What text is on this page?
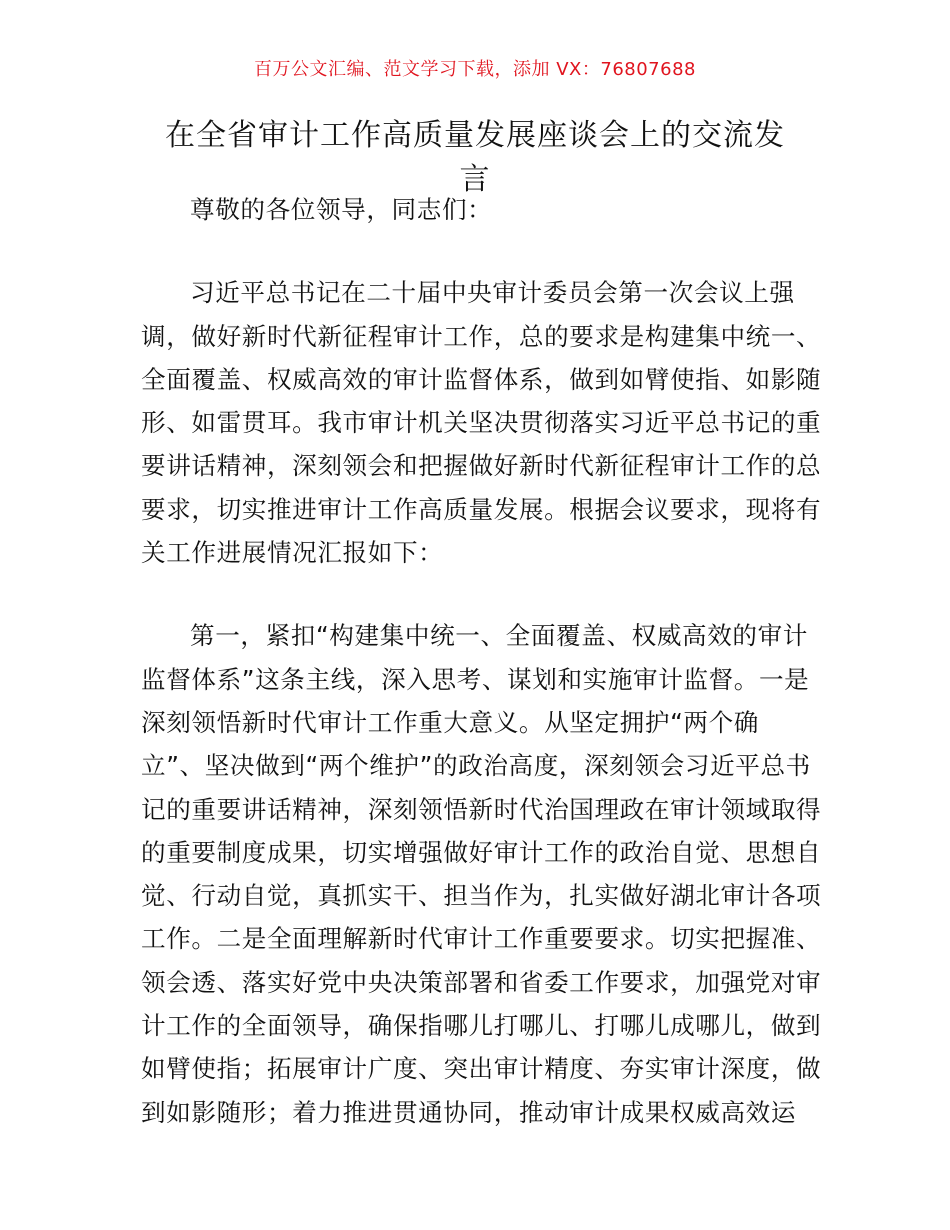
百万公文汇编、范文学习下载，添加 VX：76807688
在全省审计工作高质量发展座谈会上的交流发
言
尊敬的各位领导，同志们：
习近平总书记在二十届中央审计委员会第一次会议上强
调，做好新时代新征程审计工作，总的要求是构建集中统一、
全面覆盖、权威高效的审计监督体系，做到如臂使指、如影随
形、如雷贯耳。我市审计机关坚决贯彻落实习近平总书记的重
要讲话精神，深刻领会和把握做好新时代新征程审计工作的总
要求，切实推进审计工作高质量发展。根据会议要求，现将有
关工作进展情况汇报如下：
第一，紧扣“构建集中统一、全面覆盖、权威高效的审计
监督体系”这条主线，深入思考、谋划和实施审计监督。一是
深刻领悟新时代审计工作重大意义。从坚定拥护“两个确
立”、坚决做到“两个维护”的政治高度，深刻领会习近平总书
记的重要讲话精神，深刻领悟新时代治国理政在审计领域取得
的重要制度成果，切实增强做好审计工作的政治自觉、思想自
觉、行动自觉，真抓实干、担当作为，扎实做好湖北审计各项
工作。二是全面理解新时代审计工作重要要求。切实把握准、
领会透、落实好党中央决策部署和省委工作要求，加强党对审
计工作的全面领导，确保指哪儿打哪儿、打哪儿成哪儿，做到
如臂使指；拓展审计广度、突出审计精度、夯实审计深度，做
到如影随形；着力推进贯通协同，推动审计成果权威高效运
